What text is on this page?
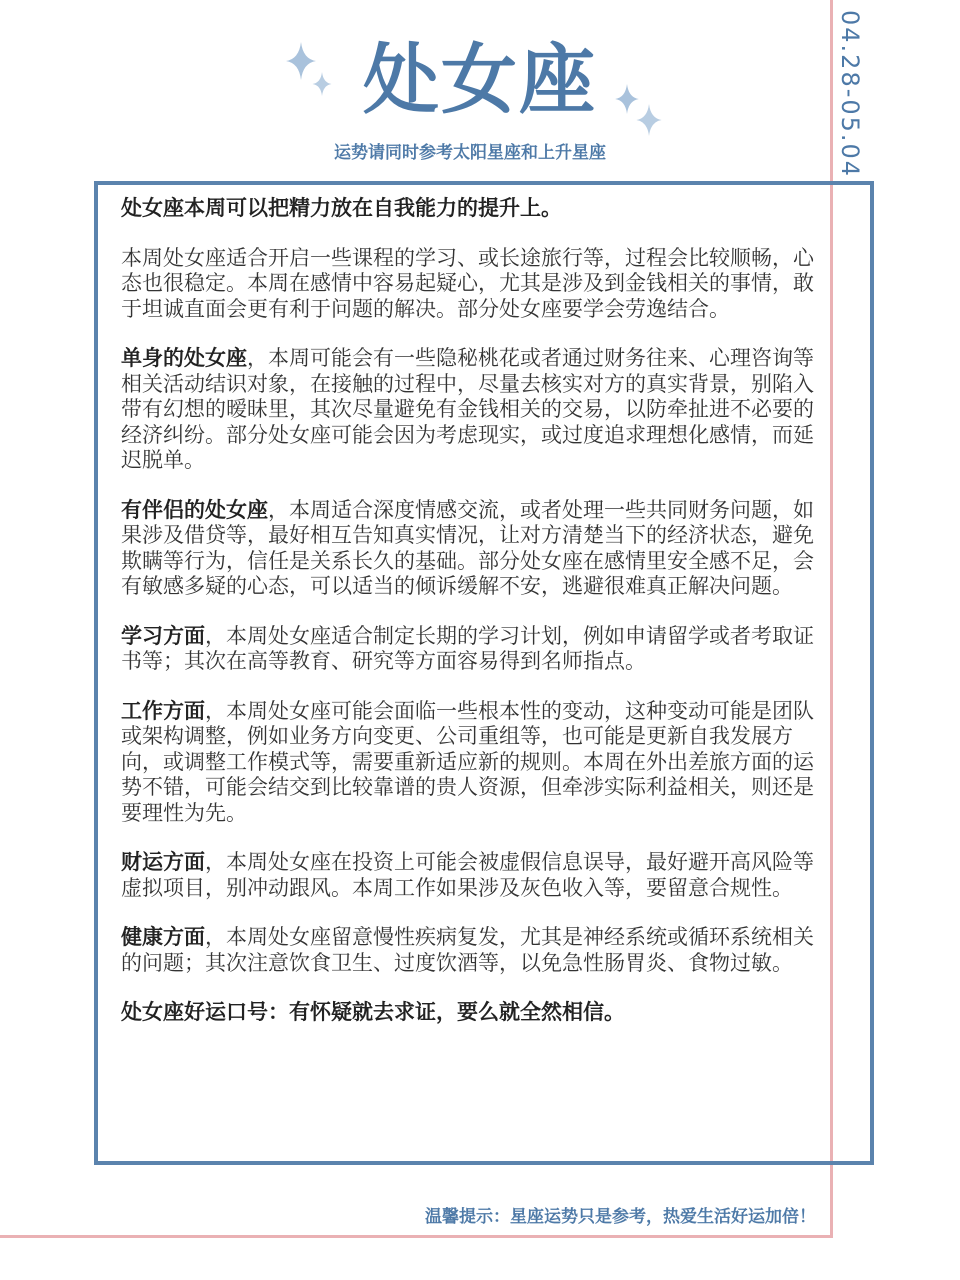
04.28-05.04
处女座
运势请同时参考太阳星座和上升星座

处女座本周可以把精力放在自我能力的提升上。

本周处女座适合开启一些课程的学习、或长途旅行等，过程会比较顺畅，心态也很稳定。本周在感情中容易起疑心，尤其是涉及到金钱相关的事情，敢于坦诚直面会更有利于问题的解决。部分处女座要学会劳逸结合。

单身的处女座，本周可能会有一些隐秘桃花或者通过财务往来、心理咨询等相关活动结识对象，在接触的过程中，尽量去核实对方的真实背景，别陷入带有幻想的暧昧里，其次尽量避免有金钱相关的交易，以防牵扯进不必要的经济纠纷。部分处女座可能会因为考虑现实，或过度追求理想化感情，而延迟脱单。

有伴侣的处女座，本周适合深度情感交流，或者处理一些共同财务问题，如果涉及借贷等，最好相互告知真实情况，让对方清楚当下的经济状态，避免欺瞒等行为，信任是关系长久的基础。部分处女座在感情里安全感不足，会有敏感多疑的心态，可以适当的倾诉缓解不安，逃避很难真正解决问题。

学习方面，本周处女座适合制定长期的学习计划，例如申请留学或者考取证书等；其次在高等教育、研究等方面容易得到名师指点。

工作方面，本周处女座可能会面临一些根本性的变动，这种变动可能是团队或架构调整，例如业务方向变更、公司重组等，也可能是更新自我发展方向，或调整工作模式等，需要重新适应新的规则。本周在外出差旅方面的运势不错，可能会结交到比较靠谱的贵人资源，但牵涉实际利益相关，则还是要理性为先。

财运方面，本周处女座在投资上可能会被虚假信息误导，最好避开高风险等虚拟项目，别冲动跟风。本周工作如果涉及灰色收入等，要留意合规性。

健康方面，本周处女座留意慢性疾病复发，尤其是神经系统或循环系统相关的问题；其次注意饮食卫生、过度饮酒等，以免急性肠胃炎、食物过敏。

处女座好运口号：有怀疑就去求证，要么就全然相信。

温馨提示：星座运势只是参考，热爱生活好运加倍！
